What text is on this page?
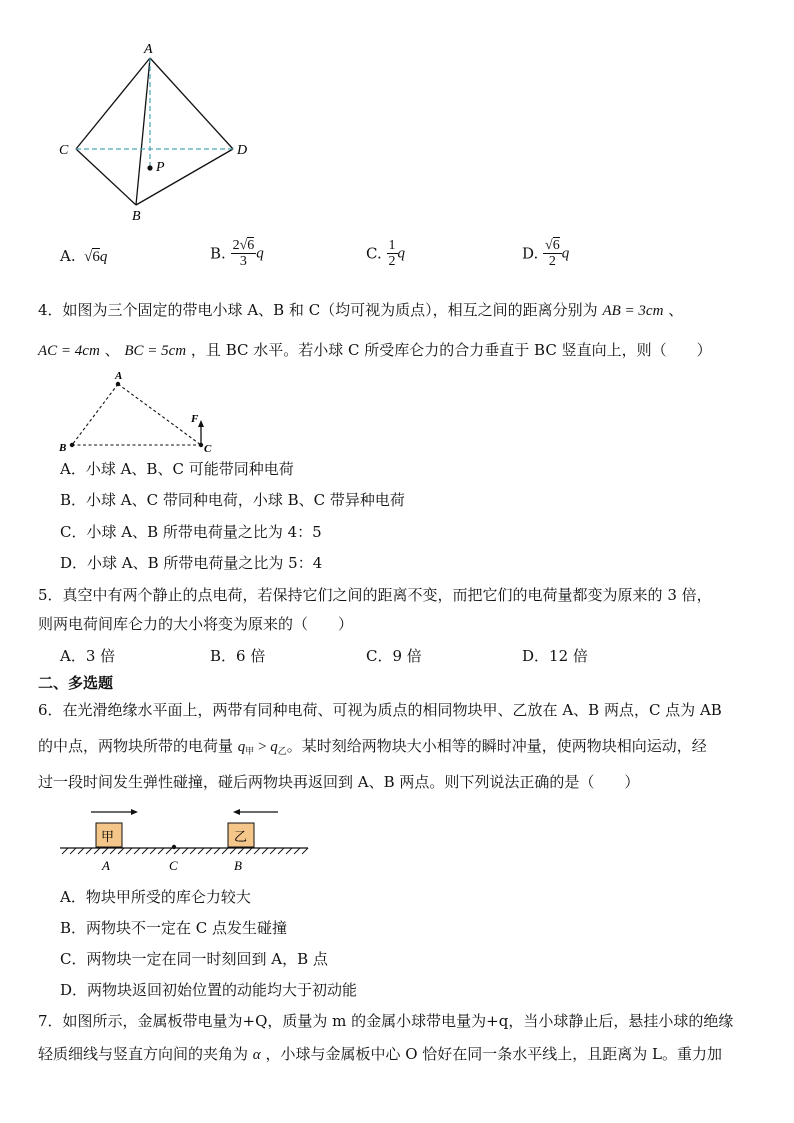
A
C	D
P
B
A. √6q	B. $\frac{2√6}{3}$ q	C. $\frac{1}{2}$ q	D. $\frac{√6}{2}$ q
4．如图为三个固定的带电小球 A、B 和 C（均可视为质点），相互之间的距离分别为 AB = 3cm 、
AC = 4cm 、 BC = 5cm ，且 BC 水平。若小球 C 所受库仑力的合力垂直于 BC 竖直向上，则（　　）
A
B	C
F
A．小球 A、B、C 可能带同种电荷
B．小球 A、C 带同种电荷，小球 B、C 带异种电荷
C．小球 A、B 所带电荷量之比为 4：5
D．小球 A、B 所带电荷量之比为 5：4
5．真空中有两个静止的点电荷，若保持它们之间的距离不变，而把它们的电荷量都变为原来的 3 倍，
则两电荷间库仑力的大小将变为原来的（　　）
A．3 倍	B．6 倍	C．9 倍	D．12 倍
二、多选题
6．在光滑绝缘水平面上，两带有同种电荷、可视为质点的相同物块甲、乙放在 A、B 两点，C 点为 AB
的中点，两物块所带的电荷量 $q_甲 > q_乙$。某时刻给两物块大小相等的瞬时冲量，使两物块相向运动，经
过一段时间发生弹性碰撞，碰后两物块再返回到 A、B 两点。则下列说法正确的是（　　）
甲	乙
A	C	B
A．物块甲所受的库仑力较大
B．两物块不一定在 C 点发生碰撞
C．两物块一定在同一时刻回到 A，B 点
D．两物块返回初始位置的动能均大于初动能
7．如图所示，金属板带电量为+Q，质量为 m 的金属小球带电量为+q，当小球静止后，悬挂小球的绝缘
轻质细线与竖直方向间的夹角为 α ，小球与金属板中心 O 恰好在同一条水平线上，且距离为 L。重力加
